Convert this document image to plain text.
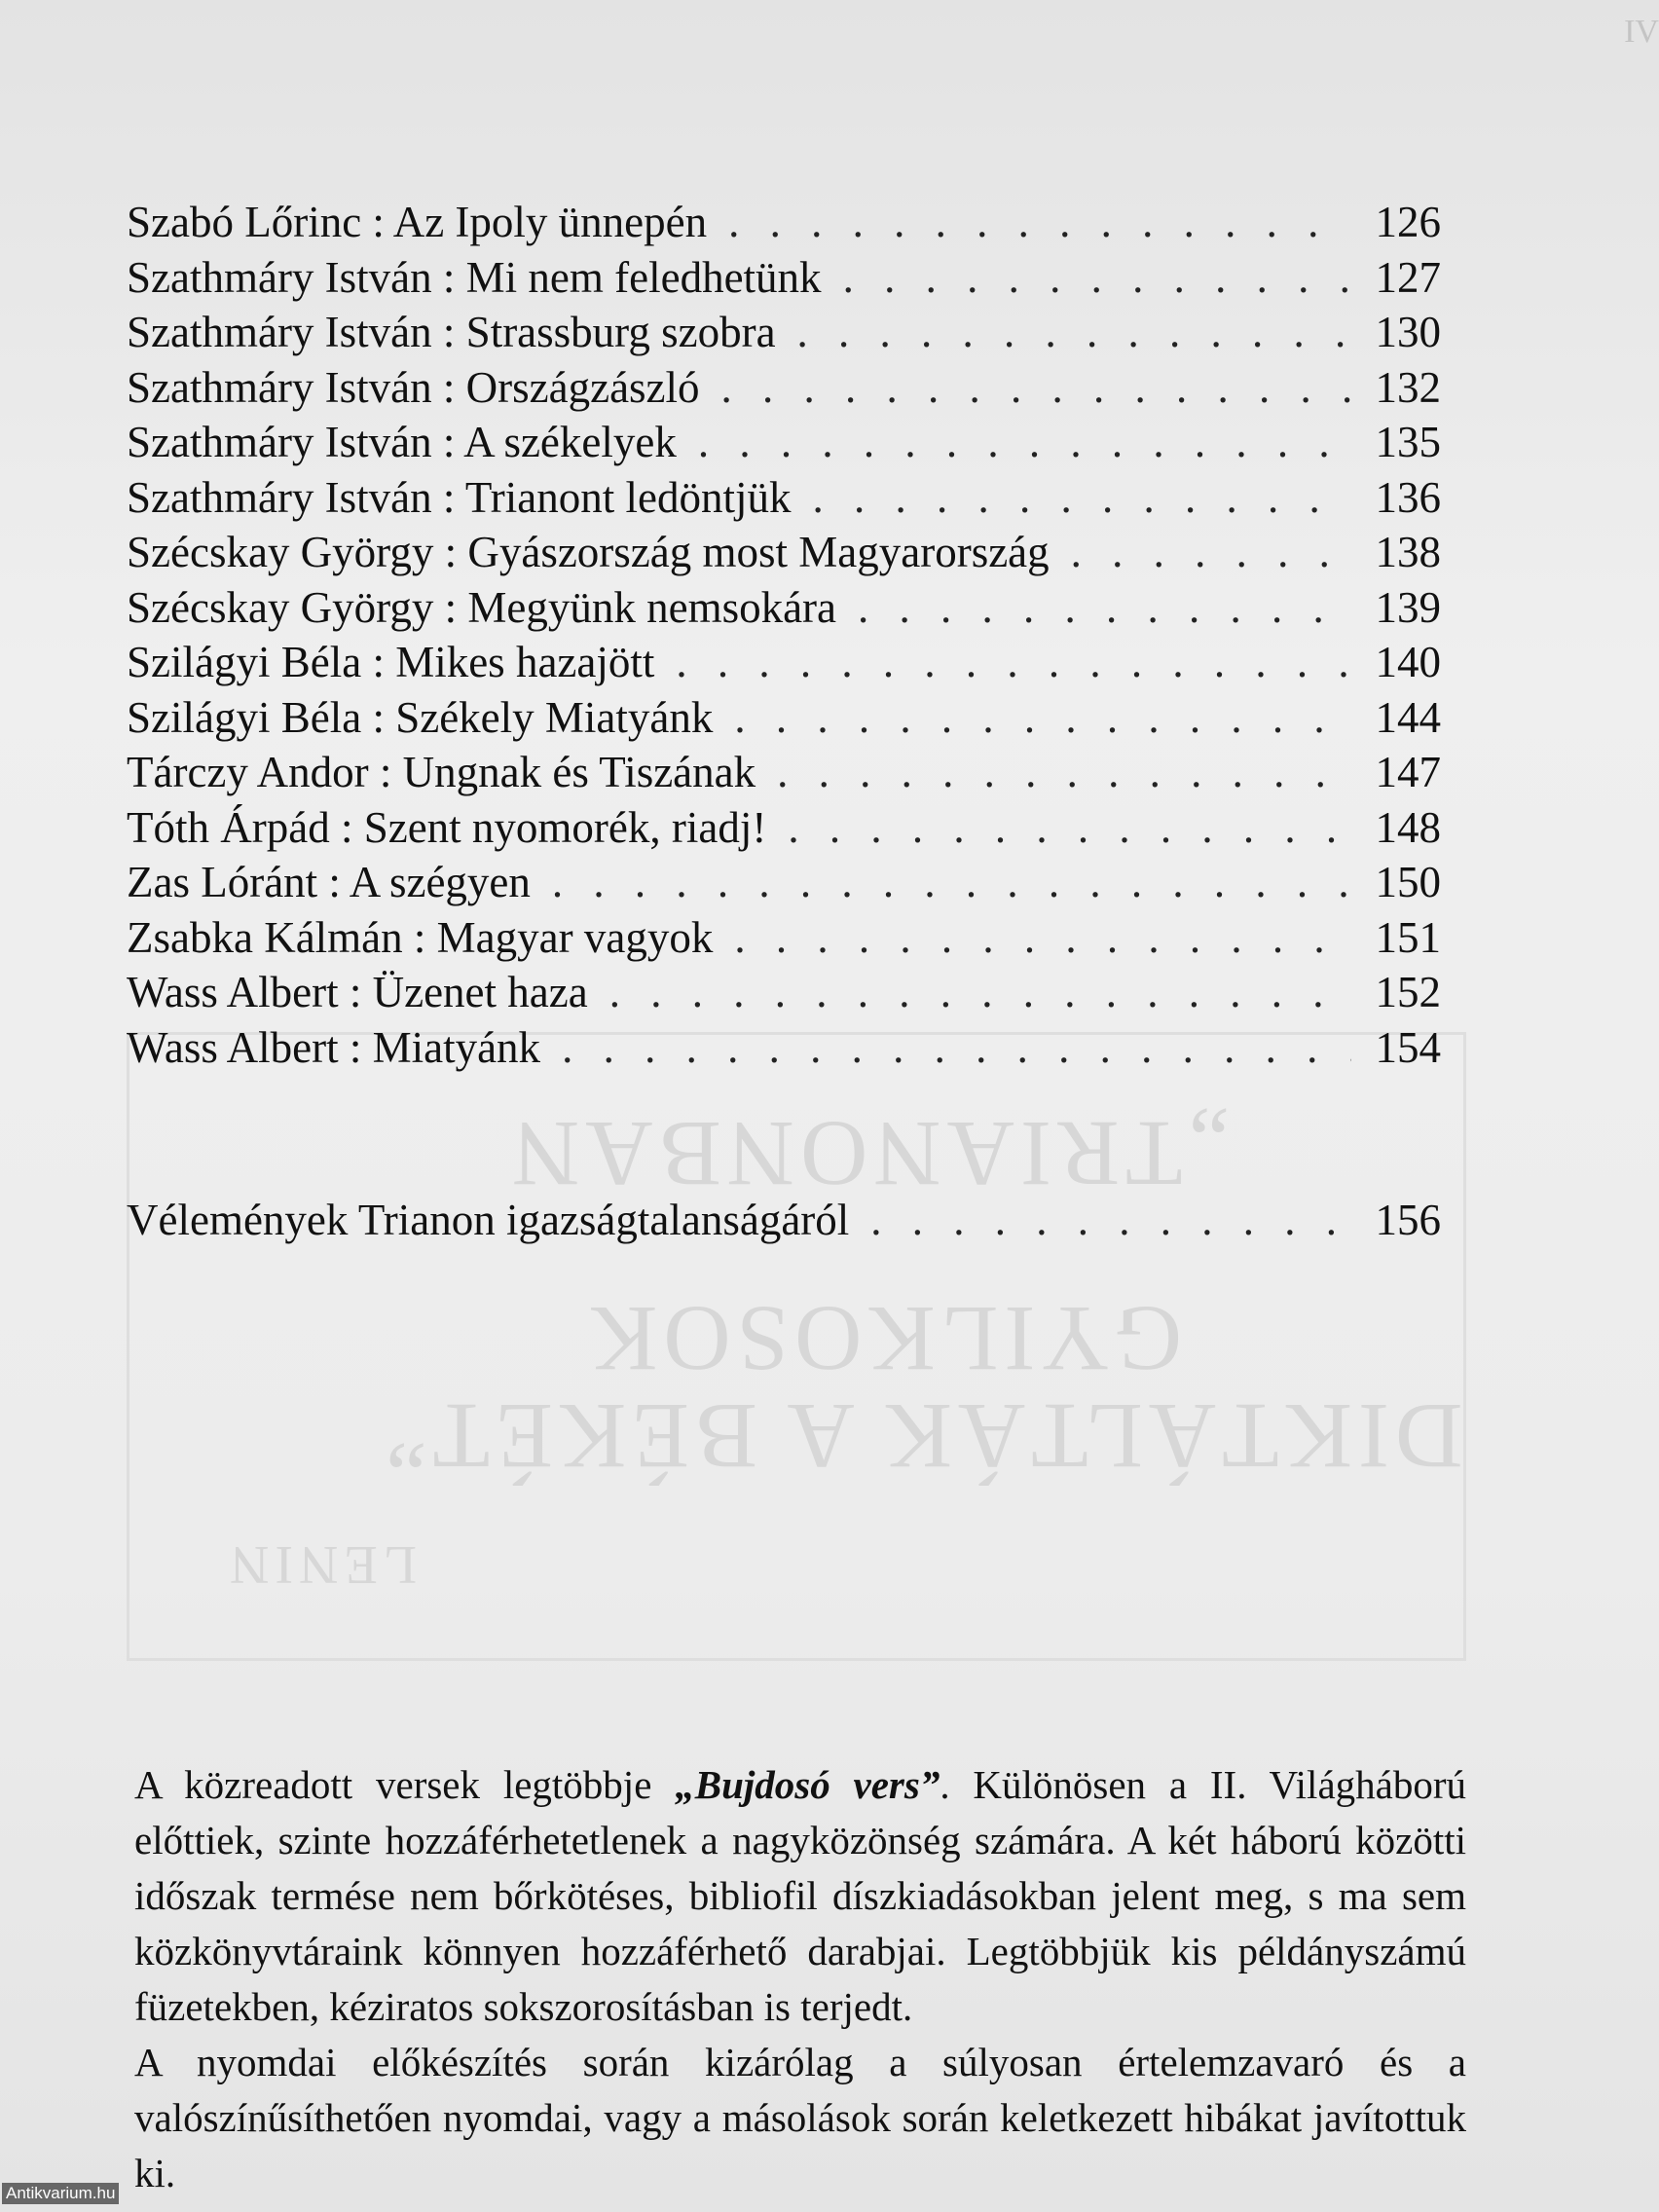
IV
„TRIANONBAN
GYILKOSOK
DIKTÁLTÁK A BÉKÉT”
LENIN
Szabó Lőrinc : Az Ipoly ünnepén . . .	126
Szathmáry István : Mi nem feledhetünk . . .	127
Szathmáry István : Strassburg szobra . . .	130
Szathmáry István : Országzászló . . .	132
Szathmáry István : A székelyek . . .	135
Szathmáry István : Trianont ledöntjük . . .	136
Szécskay György : Gyászország most Magyarország . . .	138
Szécskay György : Megyünk nemsokára . . .	139
Szilágyi Béla : Mikes hazajött . . .	140
Szilágyi Béla : Székely Miatyánk . . .	144
Tárczy Andor : Ungnak és Tiszának . . .	147
Tóth Árpád : Szent nyomorék, riadj! . . .	148
Zas Lóránt : A szégyen . . .	150
Zsabka Kálmán : Magyar vagyok . . .	151
Wass Albert : Üzenet haza . . .	152
Wass Albert : Miatyánk . . .	154
Vélemények Trianon igazságtalanságáról . . .	156

A közreadott versek legtöbbje „Bujdosó vers”. Különösen a II. Világháború előttiek, szinte hozzáférhetetlenek a nagyközönség számára. A két háború közötti időszak termése nem bőrkötéses, bibliofil díszkiadásokban jelent meg, s ma sem közkönyvtáraink könnyen hozzáférhető darabjai. Legtöbbjük kis példányszámú füzetekben, kéziratos sokszorosításban is terjedt.

A nyomdai előkészítés során kizárólag a súlyosan értelemzavaró és a valószínűsíthetően nyomdai, vagy a másolások során keletkezett hibákat javítottuk ki.

Antikvarium.hu
